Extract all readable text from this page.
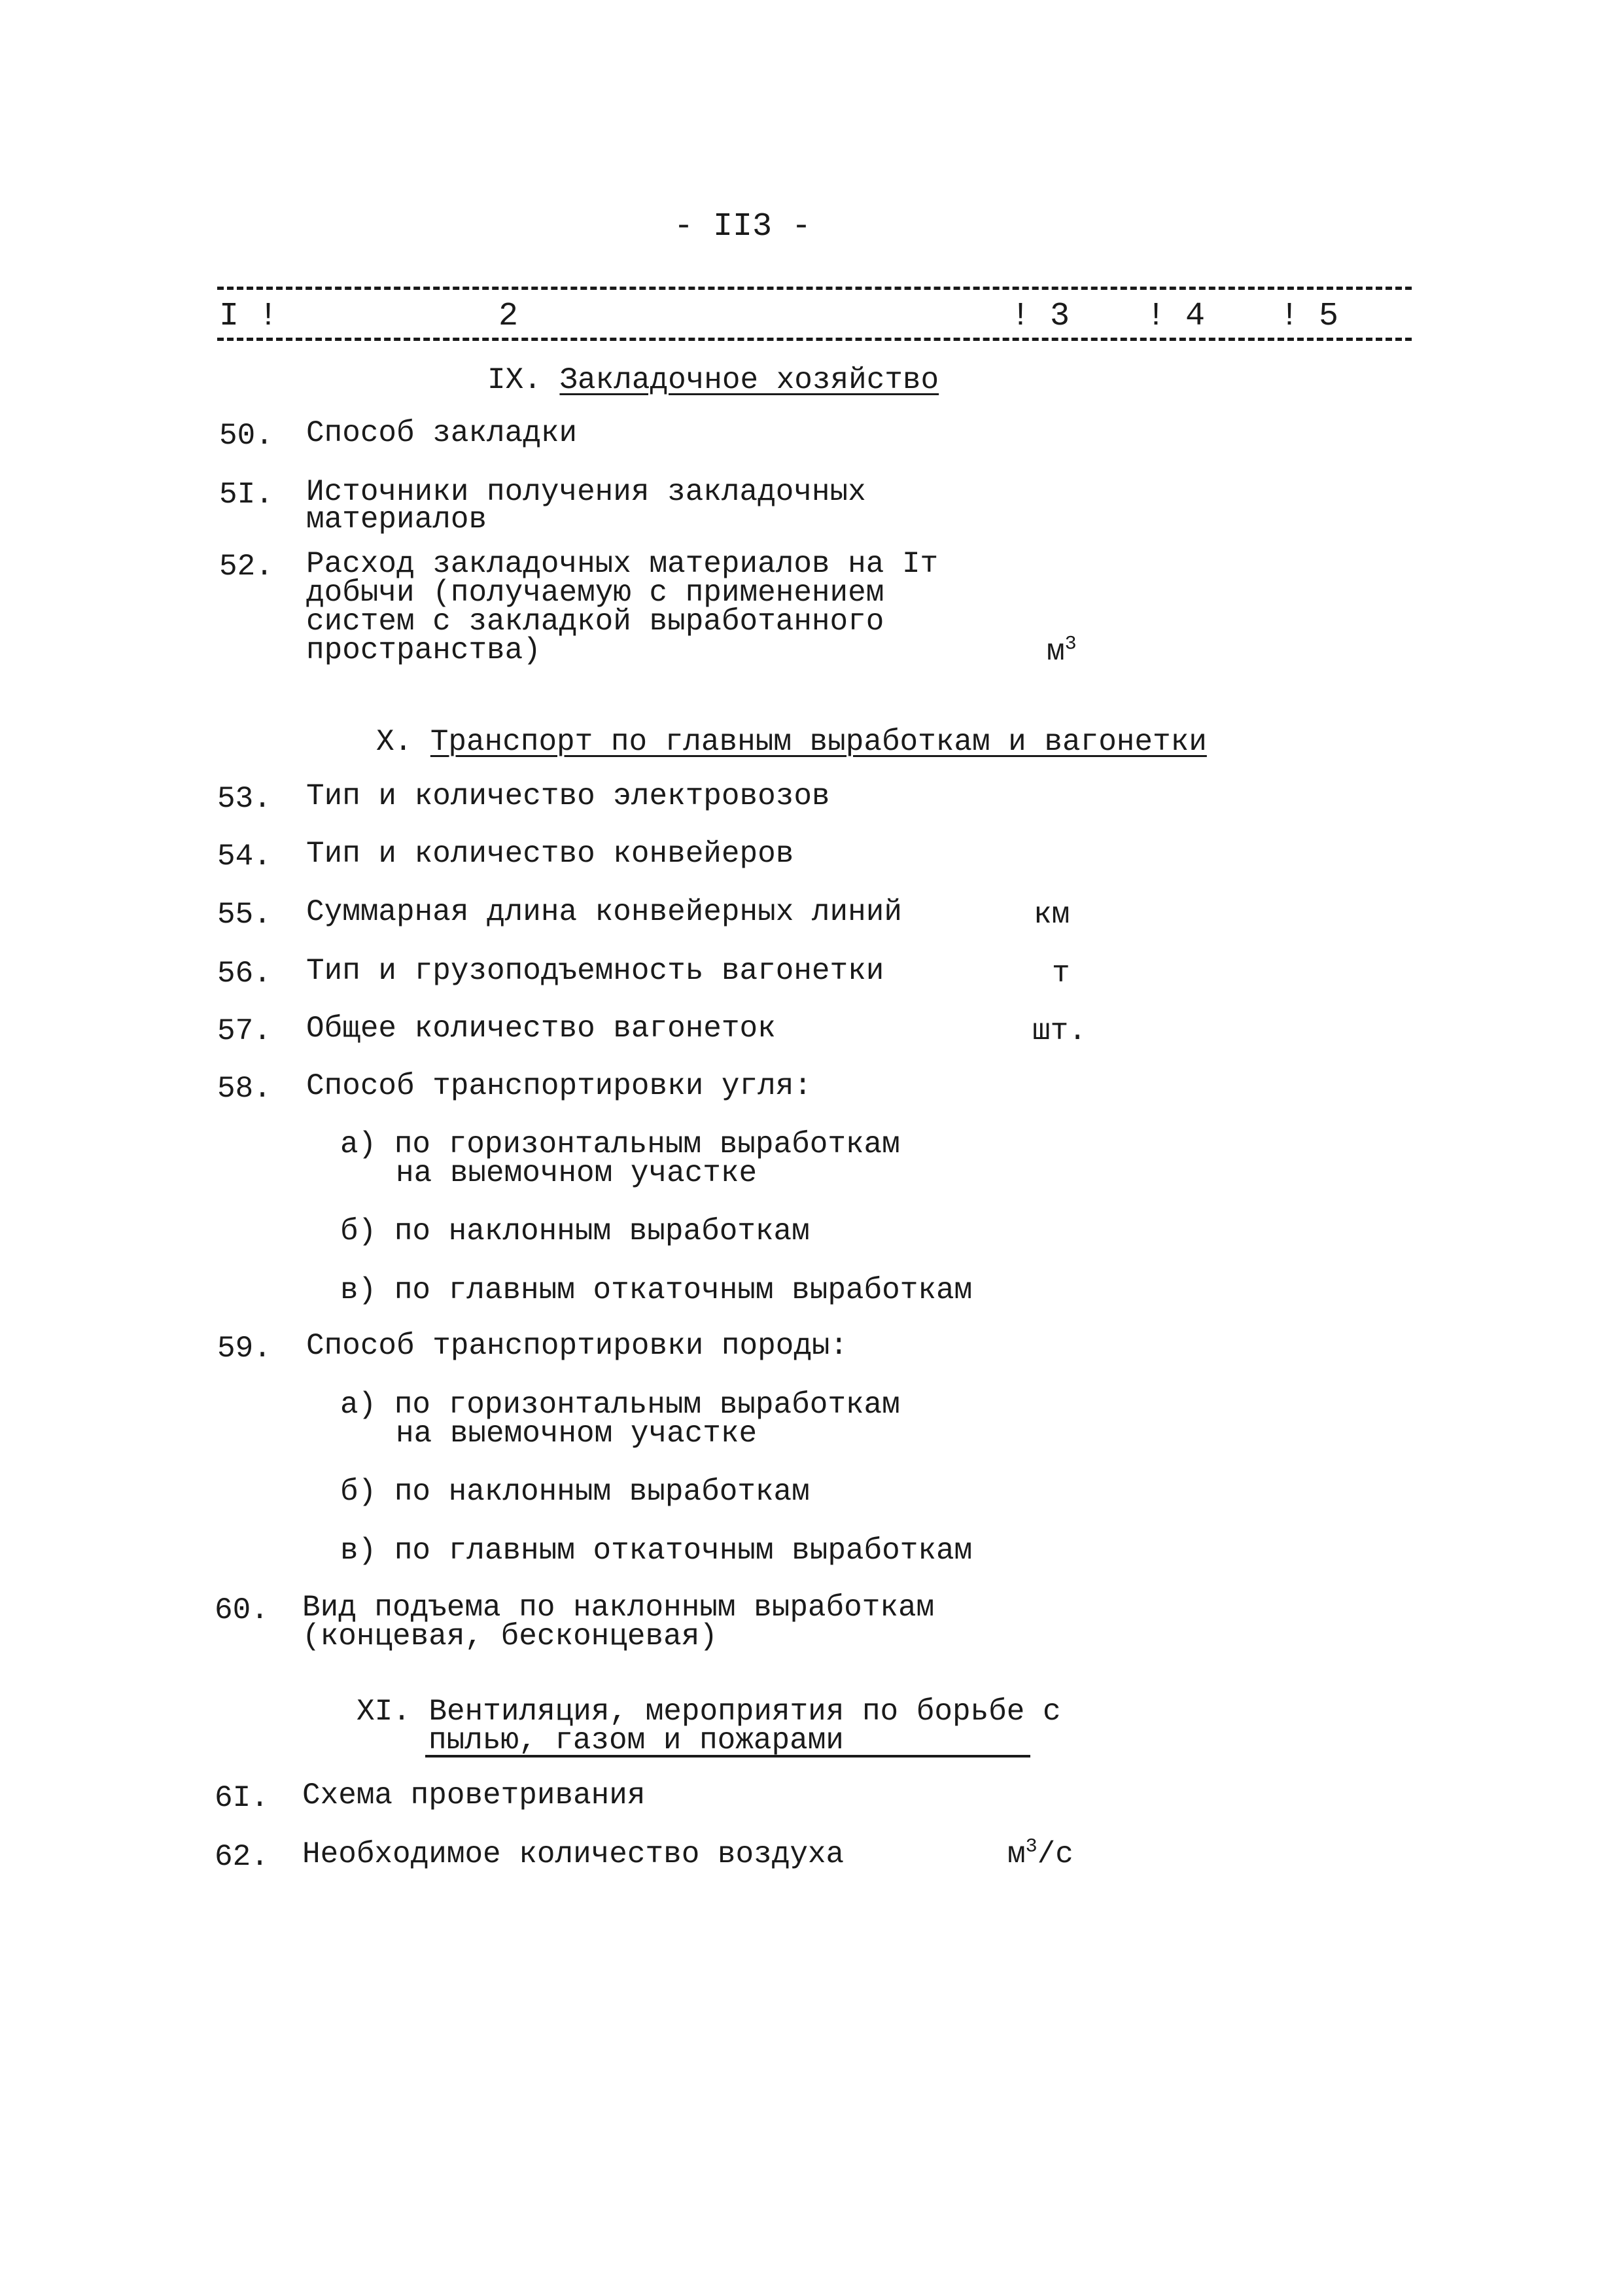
- II3 -
I !	2	! 3 ! 4 ! 5
IX. Закладочное хозяйство
50. Способ закладки
5I. Источники получения закладочных
материалов
52. Расход закладочных материалов на Iт
добычи (получаемую с применением
систем с закладкой выработанного
пространства)	$м^3$
X. Транспорт по главным выработкам и вагонетки
53. Тип и количество электровозов
54. Тип и количество конвейеров
55. Суммарная длина конвейерных линий	км
56. Тип и грузоподъемность вагонетки	т
57. Общее количество вагонеток	шт.
58. Способ транспортировки угля:
а) по горизонтальным выработкам
на выемочном участке
б) по наклонным выработкам
в) по главным откаточным выработкам
59. Способ транспортировки породы:
а) по горизонтальным выработкам
на выемочном участке
б) по наклонным выработкам
в) по главным откаточным выработкам
60. Вид подъема по наклонным выработкам
(концевая, бесконцевая)
XI. Вентиляция, мероприятия по борьбе с
пылью, газом и пожарами
6I. Схема проветривания
62. Необходимое количество воздуха	$м^3/с$
